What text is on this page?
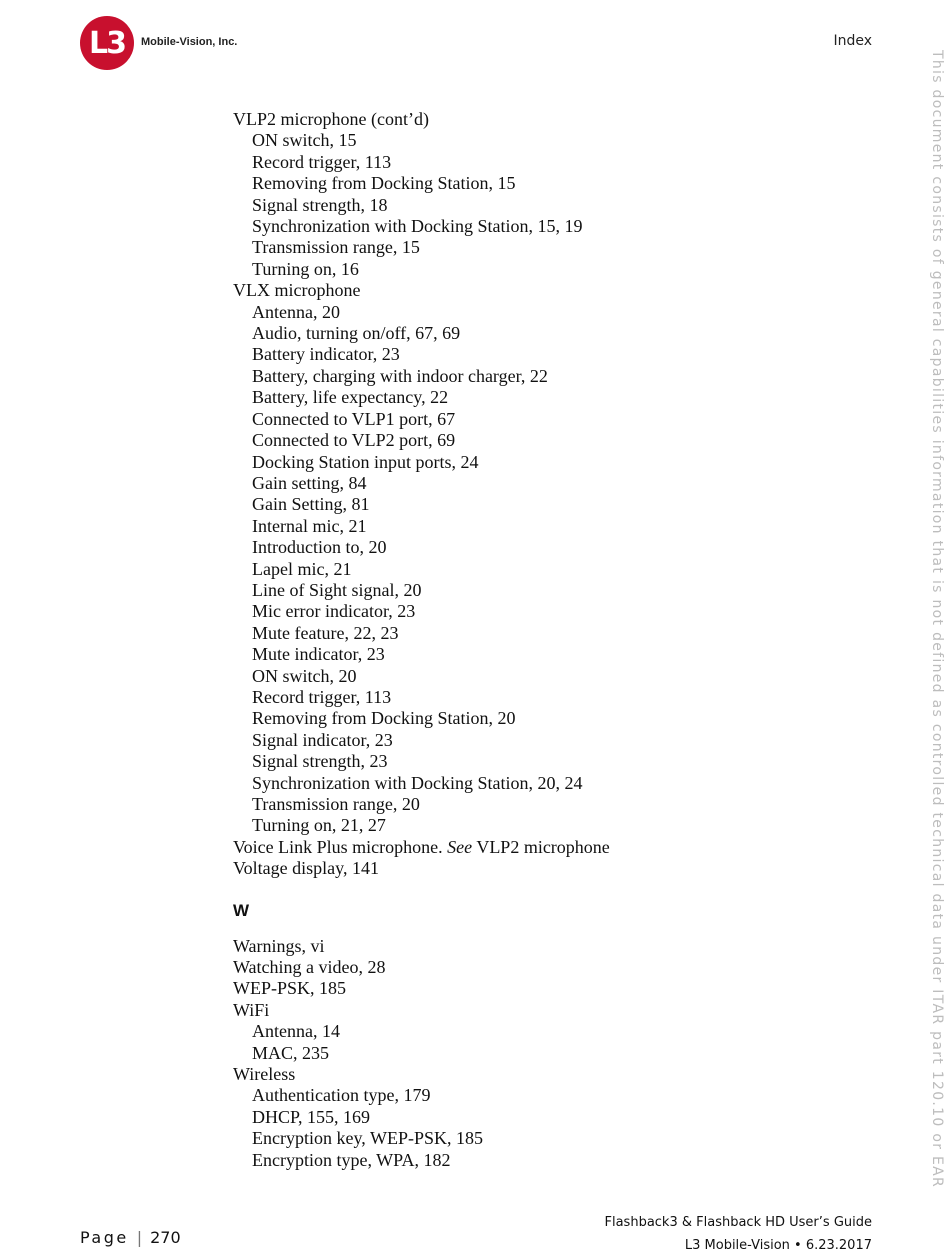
L3	Mobile-Vision, Inc.	Index
This document consists of general capabilities information that is not defined as controlled technical data under ITAR part 120.10 or EAR
VLP2 microphone (cont’d)
ON switch, 15
Record trigger, 113
Removing from Docking Station, 15
Signal strength, 18
Synchronization with Docking Station, 15, 19
Transmission range, 15
Turning on, 16
VLX microphone
Antenna, 20
Audio, turning on/off, 67, 69
Battery indicator, 23
Battery, charging with indoor charger, 22
Battery, life expectancy, 22
Connected to VLP1 port, 67
Connected to VLP2 port, 69
Docking Station input ports, 24
Gain setting, 84
Gain Setting, 81
Internal mic, 21
Introduction to, 20
Lapel mic, 21
Line of Sight signal, 20
Mic error indicator, 23
Mute feature, 22, 23
Mute indicator, 23
ON switch, 20
Record trigger, 113
Removing from Docking Station, 20
Signal indicator, 23
Signal strength, 23
Synchronization with Docking Station, 20, 24
Transmission range, 20
Turning on, 21, 27
Voice Link Plus microphone. See VLP2 microphone
Voltage display, 141
W
Warnings, vi
Watching a video, 28
WEP-PSK, 185
WiFi
Antenna, 14
MAC, 235
Wireless
Authentication type, 179
DHCP, 155, 169
Encryption key, WEP-PSK, 185
Encryption type, WPA, 182
Flashback3 & Flashback HD User’s Guide
L3 Mobile-Vision • 6.23.2017
Page | 270
